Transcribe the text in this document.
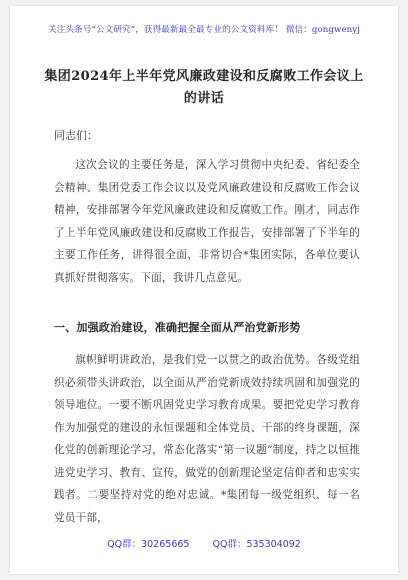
关注头条号“公文研究”，获得最新最全最专业的公文资料库！ 微信：gongwenyj
集团2024年上半年党风廉政建设和反腐败工作会议上的讲话
同志们：
这次会议的主要任务是，深入学习贯彻中央纪委、省纪委全会精神、集团党委工作会议以及党风廉政建设和反腐败工作会议精神，安排部署今年党风廉政建设和反腐败工作。刚才，同志作了上半年党风廉政建设和反腐败工作报告，安排部署了下半年的主要工作任务，讲得很全面，非常切合*集团实际，各单位要认真抓好贯彻落实。下面，我讲几点意见。
一、加强政治建设，准确把握全面从严治党新形势
旗帜鲜明讲政治，是我们党一以贯之的政治优势。各级党组织必须带头讲政治，以全面从严治党新成效持续巩固和加强党的领导地位。一要不断巩固党史学习教育成果。要把党史学习教育作为加强党的建设的永恒课题和全体党员、干部的终身课题，深化党的创新理论学习，常态化落实“第一议题”制度，持之以恒推进党史学习、教育、宣传，做党的创新理论坚定信仰者和忠实实践者。二要坚持对党的绝对忠诚。*集团每一级党组织、每一名党员干部，
QQ群：30265665 QQ群：535304092
